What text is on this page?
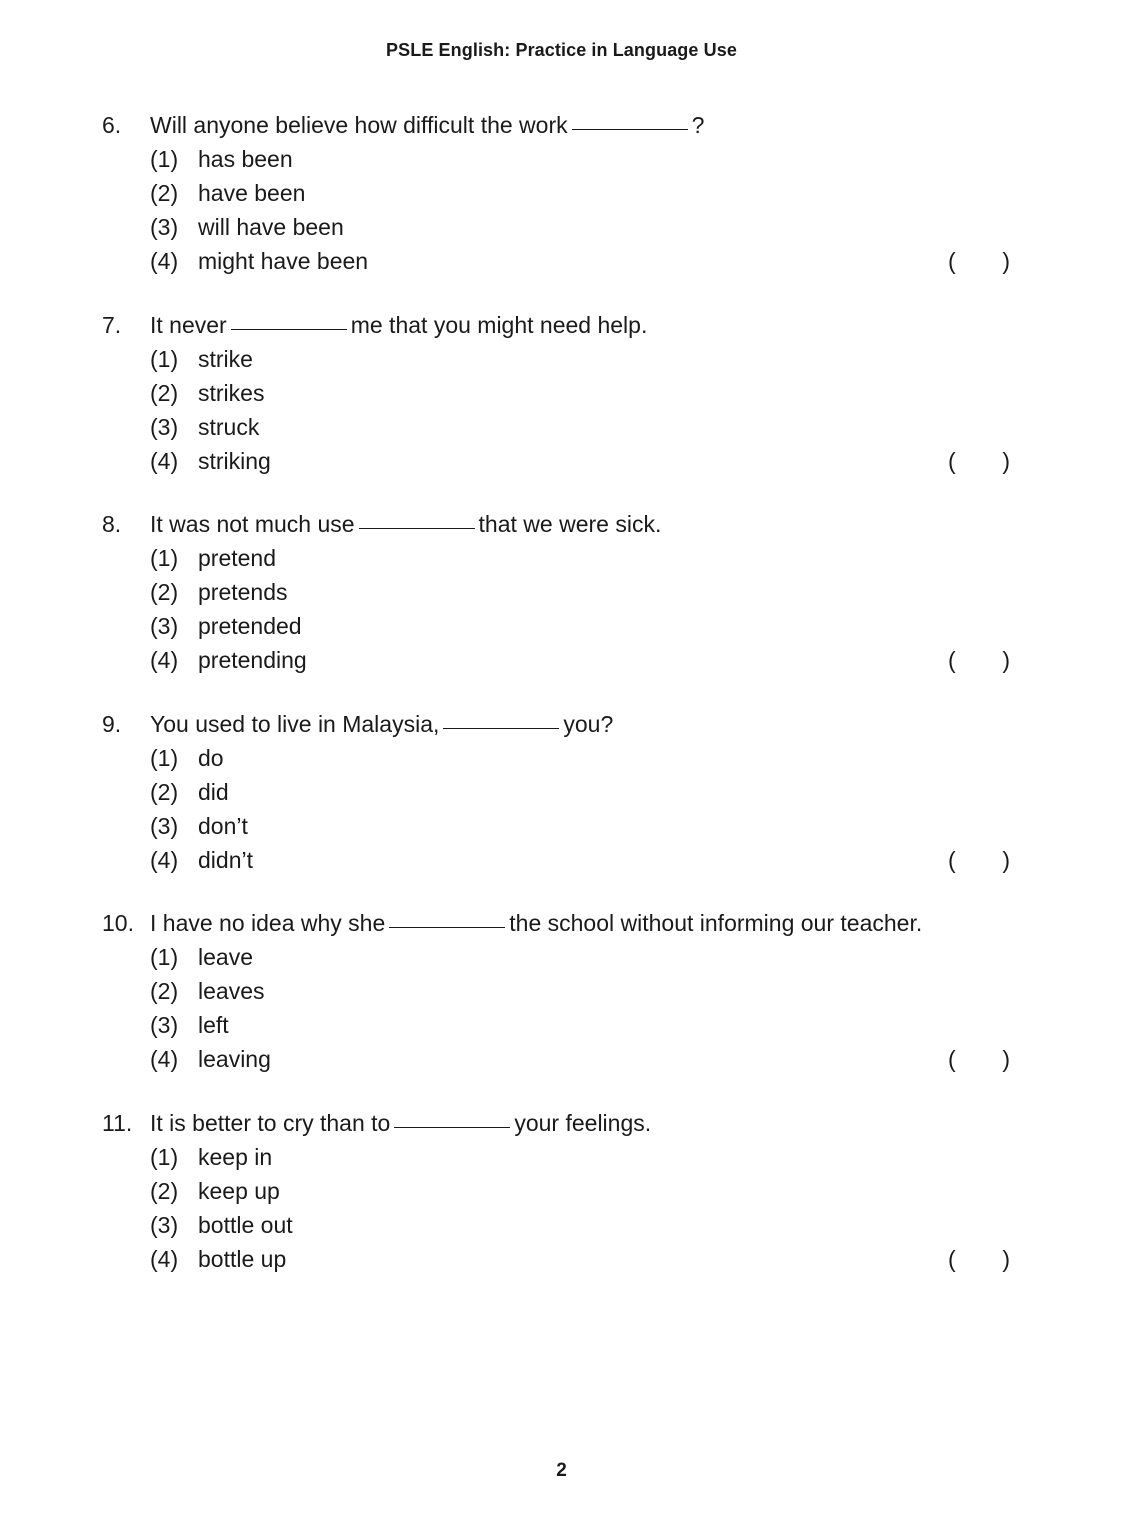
PSLE English: Practice in Language Use
6. Will anyone believe how difficult the work	?
(1) has been
(2) have been
(3) will have been
(4) might have been	( )
7. It never	me that you might need help.
(1) strike
(2) strikes
(3) struck
(4) striking	( )
8. It was not much use	that we were sick.
(1) pretend
(2) pretends
(3) pretended
(4) pretending	( )
9. You used to live in Malaysia,	you?
(1) do
(2) did
(3) don’t
(4) didn’t	( )
10. I have no idea why she	the school without informing our teacher.
(1) leave
(2) leaves
(3) left
(4) leaving	( )
11. It is better to cry than to	your feelings.
(1) keep in
(2) keep up
(3) bottle out
(4) bottle up	( )
2
